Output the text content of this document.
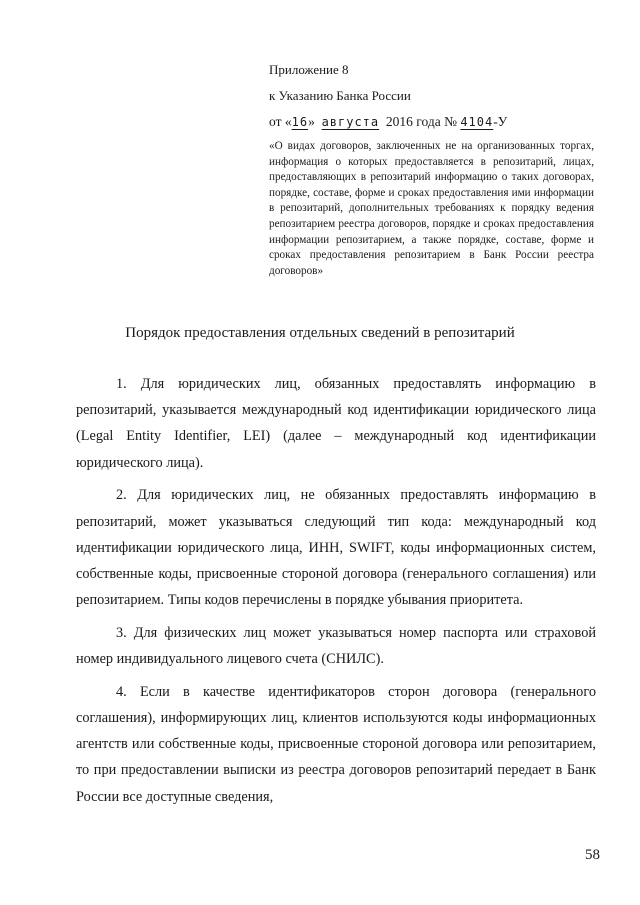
Приложение 8
к Указанию Банка России
от «16» августа 2016 года № 4104-У
«О видах договоров, заключенных не на организованных торгах, информация о которых предоставляется в репозитарий, лицах, предоставляющих в репозитарий информацию о таких договорах, порядке, составе, форме и сроках предоставления ими информации в репозитарий, дополнительных требованиях к порядку ведения репозитарием реестра договоров, порядке и сроках предоставления информации репозитарием, а также порядке, составе, форме и сроках предоставления репозитарием в Банк России реестра договоров»
Порядок предоставления отдельных сведений в репозитарий

1. Для юридических лиц, обязанных предоставлять информацию в репозитарий, указывается международный код идентификации юридического лица (Legal Entity Identifier, LEI) (далее – международный код идентификации юридического лица).

2. Для юридических лиц, не обязанных предоставлять информацию в репозитарий, может указываться следующий тип кода: международный код идентификации юридического лица, ИНН, SWIFT, коды информационных систем, собственные коды, присвоенные стороной договора (генерального соглашения) или репозитарием. Типы кодов перечислены в порядке убывания приоритета.

3. Для физических лиц может указываться номер паспорта или страховой номер индивидуального лицевого счета (СНИЛС).

4. Если в качестве идентификаторов сторон договора (генерального соглашения), информирующих лиц, клиентов используются коды информационных агентств или собственные коды, присвоенные стороной договора или репозитарием, то при предоставлении выписки из реестра договоров репозитарий передает в Банк России все доступные сведения,

58
